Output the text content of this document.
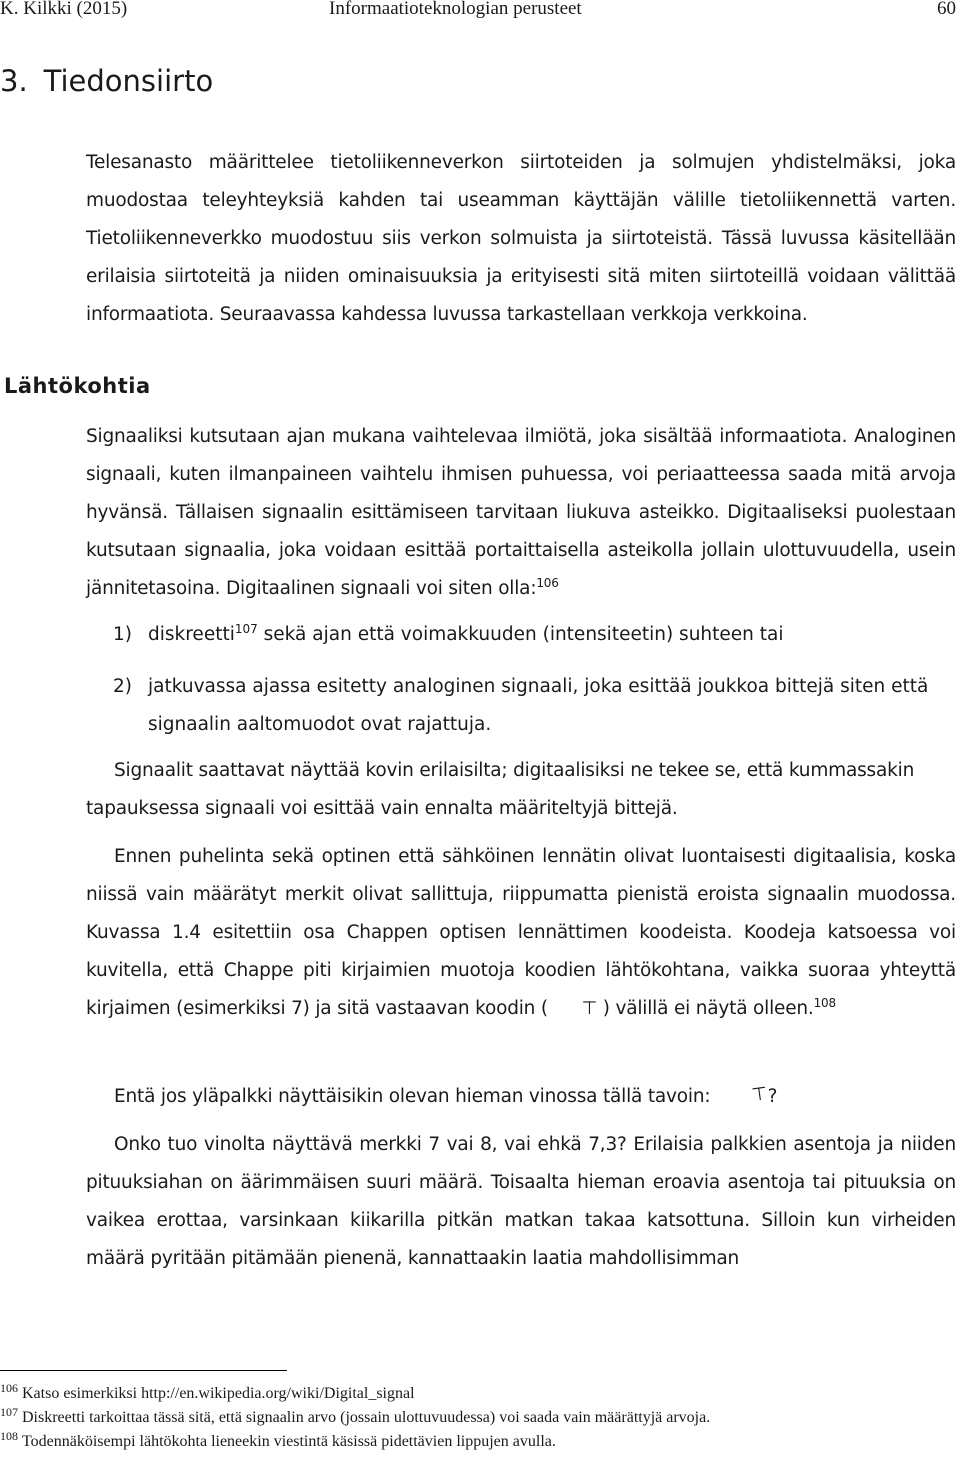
K. Kilkki (2015)	Informaatioteknologian perusteet	60
3. Tiedonsiirto

Telesanasto määrittelee tietoliikenneverkon siirtoteiden ja solmujen yhdistelmäksi, joka muodostaa teleyhteyksiä kahden tai useamman käyttäjän välille tietoliikennettä varten. Tietoliikenneverkko muodostuu siis verkon solmuista ja siirtoteistä. Tässä luvussa käsitellään erilaisia siirtoteitä ja niiden ominaisuuksia ja erityisesti sitä miten siirtoteillä voidaan välittää informaatiota. Seuraavassa kahdessa luvussa tarkastellaan verkkoja verkkoina.

Lähtökohtia

Signaaliksi kutsutaan ajan mukana vaihtelevaa ilmiötä, joka sisältää informaatiota. Analoginen signaali, kuten ilmanpaineen vaihtelu ihmisen puhuessa, voi periaatteessa saada mitä arvoja hyvänsä. Tällaisen signaalin esittämiseen tarvitaan liukuva asteikko. Digitaaliseksi puolestaan kutsutaan signaalia, joka voidaan esittää portaittaisella asteikolla jollain ulottuvuudella, usein jännitetasoina. Digitaalinen signaali voi siten olla:$^{106}$

1) diskreetti$^{107}$ sekä ajan että voimakkuuden (intensiteetin) suhteen tai
2) jatkuvassa ajassa esitetty analoginen signaali, joka esittää joukkoa bittejä siten että signaalin aaltomuodot ovat rajattuja.

Signaalit saattavat näyttää kovin erilaisilta; digitaalisiksi ne tekee se, että kummassakin tapauksessa signaali voi esittää vain ennalta määriteltyjä bittejä.

Ennen puhelinta sekä optinen että sähköinen lennätin olivat luontaisesti digitaalisia, koska niissä vain määrätyt merkit olivat sallittuja, riippumatta pienistä eroista signaalin muodossa. Kuvassa 1.4 esitettiin osa Chappen optisen lennättimen koodeista. Koodeja katsoessa voi kuvitella, että Chappe piti kirjaimien muotoja koodien lähtökohtana, vaikka suoraa yhteyttä kirjaimen (esimerkiksi 7) ja sitä vastaavan koodin ( ⊤ ) välillä ei näytä olleen.$^{108}$

Entä jos yläpalkki näyttäisikin olevan hieman vinossa tällä tavoin: ⊤?

Onko tuo vinolta näyttävä merkki 7 vai 8, vai ehkä 7,3? Erilaisia palkkien asentoja ja niiden pituuksiahan on äärimmäisen suuri määrä. Toisaalta hieman eroavia asentoja tai pituuksia on vaikea erottaa, varsinkaan kiikarilla pitkän matkan takaa katsottuna. Silloin kun virheiden määrä pyritään pitämään pienenä, kannattaakin laatia mahdollisimman

$^{106}$ Katso esimerkiksi http://en.wikipedia.org/wiki/Digital_signal
$^{107}$ Diskreetti tarkoittaa tässä sitä, että signaalin arvo (jossain ulottuvuudessa) voi saada vain määrättyjä arvoja.
$^{108}$ Todennäköisempi lähtökohta lieneekin viestintä käsissä pidettävien lippujen avulla.
